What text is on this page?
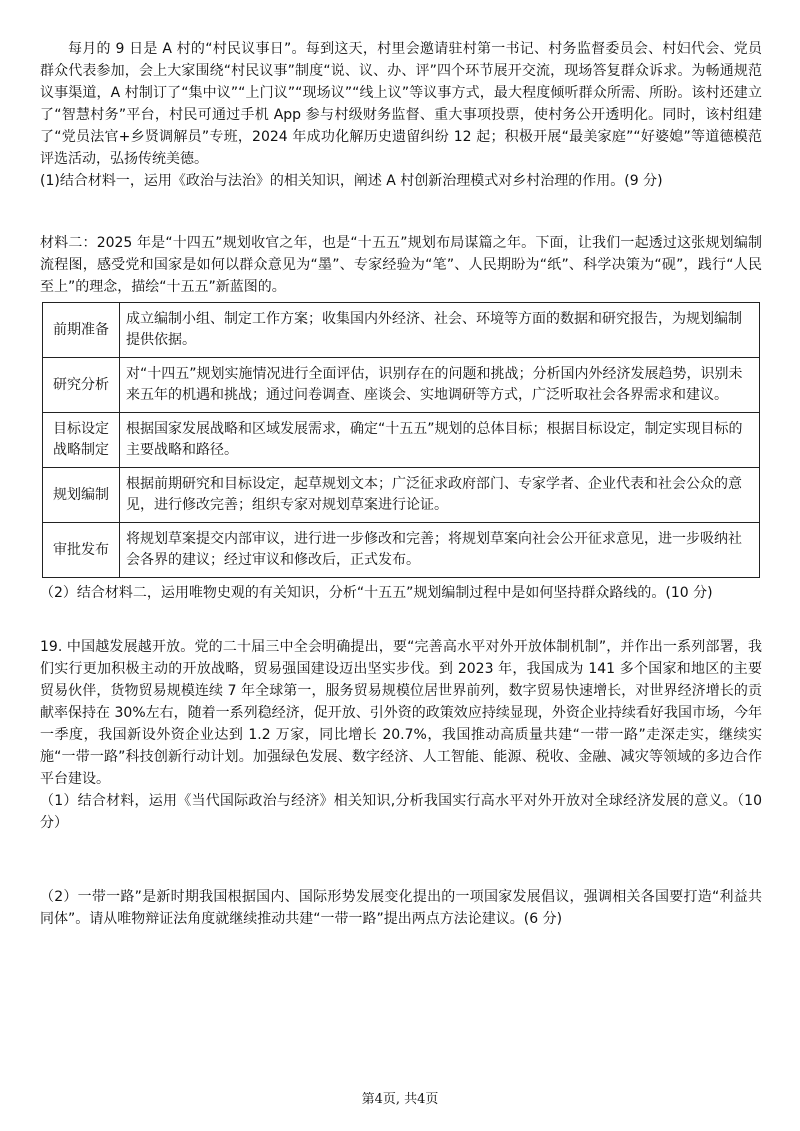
每月的 9 日是 A 村的“村民议事日”。每到这天，村里会邀请驻村第一书记、村务监督委员会、村妇代会、党员群众代表参加，会上大家围绕“村民议事”制度“说、议、办、评”四个环节展开交流，现场答复群众诉求。为畅通规范议事渠道，A 村制订了“集中议”“上门议”“现场议”“线上议”等议事方式，最大程度倾听群众所需、所盼。该村还建立了“智慧村务”平台，村民可通过手机 App 参与村级财务监督、重大事项投票，使村务公开透明化。同时，该村组建了“党员法官+乡贤调解员”专班，2024 年成功化解历史遗留纠纷 12 起；积极开展“最美家庭”“好婆媳”等道德模范评选活动，弘扬传统美德。

(1)结合材料一，运用《政治与法治》的相关知识，阐述 A 村创新治理模式对乡村治理的作用。(9 分)

材料二：2025 年是“十四五”规划收官之年，也是“十五五”规划布局谋篇之年。下面，让我们一起透过这张规划编制流程图，感受党和国家是如何以群众意见为“墨”、专家经验为“笔”、人民期盼为“纸”、科学决策为“砚”，践行“人民至上”的理念，描绘“十五五”新蓝图的。

前期准备	成立编制小组、制定工作方案；收集国内外经济、社会、环境等方面的数据和研究报告，为规划编制提供依据。
研究分析	对“十四五”规划实施情况进行全面评估，识别存在的问题和挑战；分析国内外经济发展趋势，识别未来五年的机遇和挑战；通过问卷调查、座谈会、实地调研等方式，广泛听取社会各界需求和建议。
目标设定战略制定	根据国家发展战略和区域发展需求，确定“十五五”规划的总体目标；根据目标设定，制定实现目标的主要战略和路径。
规划编制	根据前期研究和目标设定，起草规划文本；广泛征求政府部门、专家学者、企业代表和社会公众的意见，进行修改完善；组织专家对规划草案进行论证。
审批发布	将规划草案提交内部审议，进行进一步修改和完善；将规划草案向社会公开征求意见，进一步吸纳社会各界的建议；经过审议和修改后，正式发布。

（2）结合材料二，运用唯物史观的有关知识，分析“十五五”规划编制过程中是如何坚持群众路线的。(10 分)

19. 中国越发展越开放。党的二十届三中全会明确提出，要“完善高水平对外开放体制机制”，并作出一系列部署，我们实行更加积极主动的开放战略，贸易强国建设迈出坚实步伐。到 2023 年，我国成为 141 多个国家和地区的主要贸易伙伴，货物贸易规模连续 7 年全球第一，服务贸易规模位居世界前列，数字贸易快速增长，对世界经济增长的贡献率保持在 30%左右，随着一系列稳经济，促开放、引外资的政策效应持续显现，外资企业持续看好我国市场，今年一季度，我国新设外资企业达到 1.2 万家，同比增长 20.7%，我国推动高质量共建“一带一路”走深走实，继续实施“一带一路”科技创新行动计划。加强绿色发展、数字经济、人工智能、能源、税收、金融、减灾等领域的多边合作平台建设。

（1）结合材料，运用《当代国际政治与经济》相关知识,分析我国实行高水平对外开放对全球经济发展的意义。（10 分）

（2）一带一路”是新时期我国根据国内、国际形势发展变化提出的一项国家发展倡议，强调相关各国要打造“利益共同体”。请从唯物辩证法角度就继续推动共建“一带一路”提出两点方法论建议。(6 分)

第4页, 共4页
